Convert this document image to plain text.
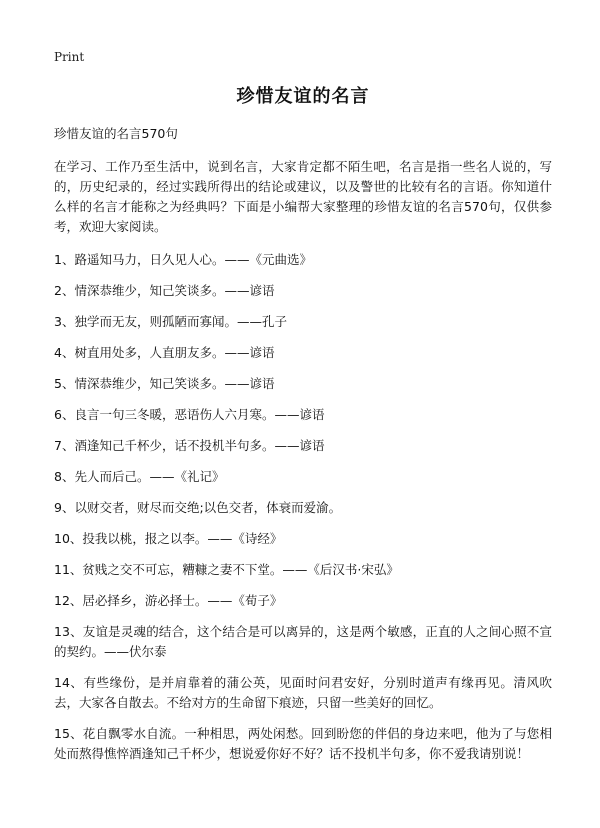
Print
珍惜友谊的名言
珍惜友谊的名言570句

在学习、工作乃至生活中，说到名言，大家肯定都不陌生吧，名言是指一些名人说的，写的，历史纪录的，经过实践所得出的结论或建议，以及警世的比较有名的言语。你知道什么样的名言才能称之为经典吗？下面是小编帮大家整理的珍惜友谊的名言570句，仅供参考，欢迎大家阅读。

1、路遥知马力，日久见人心。——《元曲选》
2、情深恭维少，知己笑谈多。——谚语
3、独学而无友，则孤陋而寡闻。——孔子
4、树直用处多，人直朋友多。——谚语
5、情深恭维少，知己笑谈多。——谚语
6、良言一句三冬暖，恶语伤人六月寒。——谚语
7、酒逢知己千杯少，话不投机半句多。——谚语
8、先人而后己。——《礼记》
9、以财交者，财尽而交绝;以色交者，体衰而爱渝。
10、投我以桃，报之以李。——《诗经》
11、贫贱之交不可忘，糟糠之妻不下堂。——《后汉书·宋弘》
12、居必择乡，游必择士。——《荀子》
13、友谊是灵魂的结合，这个结合是可以离异的，这是两个敏感，正直的人之间心照不宣的契约。——伏尔泰
14、有些缘份，是并肩靠着的蒲公英，见面时问君安好，分别时道声有缘再见。清风吹去，大家各自散去。不给对方的生命留下痕迹，只留一些美好的回忆。
15、花自飘零水自流。一种相思，两处闲愁。回到盼您的伴侣的身边来吧，他为了与您相处而熬得憔悴酒逢知己千杯少，想说爱你好不好？话不投机半句多，你不爱我请别说！
